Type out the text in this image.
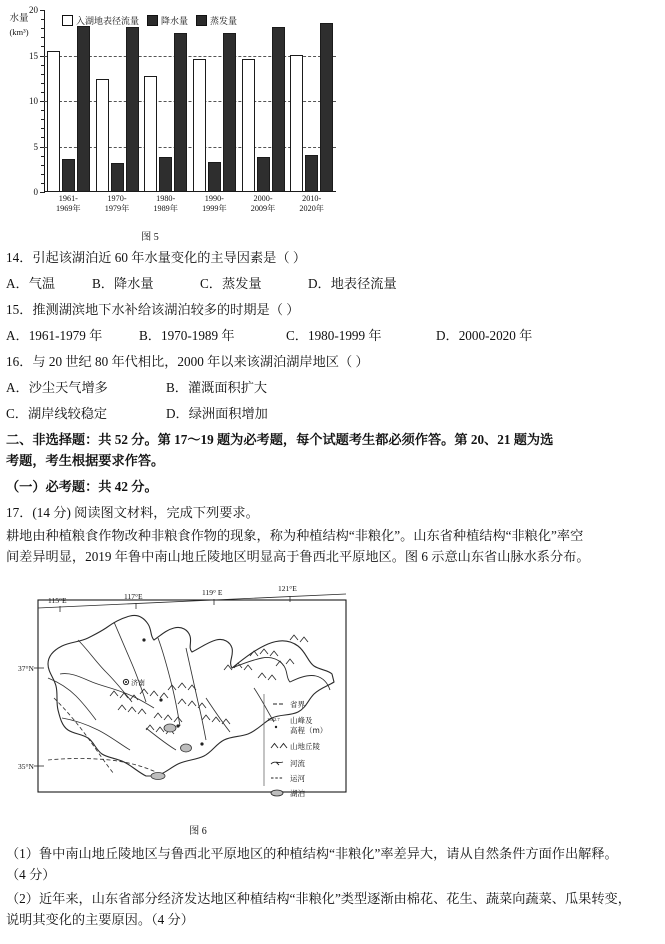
水量
(km³)
入湖地表径流量 降水量 蒸发量
0
5
10
15
20
1961-
1969年
1970-
1979年
1980-
1989年
1990-
1999年
2000-
2009年
2010-
2020年
图 5
14．引起该湖泊近 60 年水量变化的主导因素是（ ）
A．气温	B．降水量	C．蒸发量	D．地表径流量
15．推测湖滨地下水补给该湖泊较多的时期是（ ）
A．1961-1979 年	B．1970-1989 年	C．1980-1999 年	D．2000-2020 年
16．与 20 世纪 80 年代相比，2000 年以来该湖泊湖岸地区（ ）
A．沙尘天气增多	B．灌溉面积扩大
C．湖岸线较稳定	D．绿洲面积增加
二、非选择题：共 52 分。第 17～19 题为必考题，每个试题考生都必须作答。第 20、21 题为选
考题，考生根据要求作答。
（一）必考题：共 42 分。
17．(14 分) 阅读图文材料，完成下列要求。
耕地由种植粮食作物改种非粮食作物的现象，称为种植结构“非粮化”。山东省种植结构“非粮化”率空
间差异明显，2019 年鲁中南山地丘陵地区明显高于鲁西北平原地区。图 6 示意山东省山脉水系分布。
济南
115°E	117°E	119° E	121°E
37°N
35°N
省界
1532.7 山峰及
高程（m）
山地丘陵
河流
运河
湖泊
图 6
（1）鲁中南山地丘陵地区与鲁西北平原地区的种植结构“非粮化”率差异大，请从自然条件方面作出解释。
（4 分）
（2）近年来，山东省部分经济发达地区种植结构“非粮化”类型逐渐由棉花、花生、蔬菜向蔬菜、瓜果转变，
说明其变化的主要原因。（4 分）
